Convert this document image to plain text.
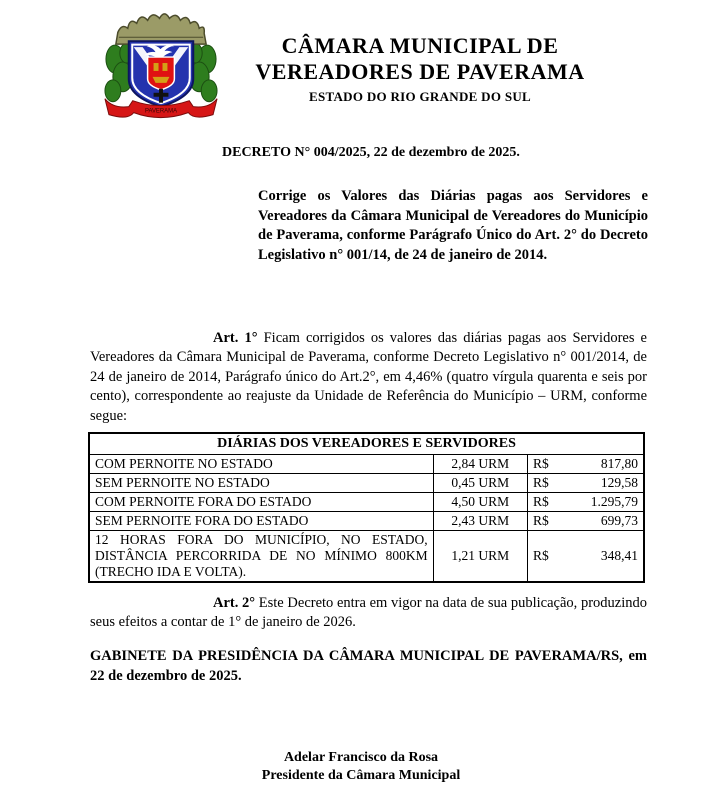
PAVERAMA
CÂMARA MUNICIPAL DE
VEREADORES DE PAVERAMA
ESTADO DO RIO GRANDE DO SUL
DECRETO N° 004/2025, 22 de dezembro de 2025.
Corrige os Valores das Diárias pagas aos Servidores e Vereadores da Câmara Municipal de Vereadores do Município de Paverama, conforme Parágrafo Único do Art. 2° do Decreto Legislativo n° 001/14, de 24 de janeiro de 2014.

Art. 1° Ficam corrigidos os valores das diárias pagas aos Servidores e Vereadores da Câmara Municipal de Paverama, conforme Decreto Legislativo n° 001/2014, de 24 de janeiro de 2014, Parágrafo único do Art.2°, em 4,46% (quatro vírgula quarenta e seis por cento), correspondente ao reajuste da Unidade de Referência do Município – URM, conforme segue:

DIÁRIAS DOS VEREADORES E SERVIDORES		
COM PERNOITE NO ESTADO	2,84 URM	R$ 817,80

SEM PERNOITE NO ESTADO	0,45 URM	R$ 129,58

COM PERNOITE FORA DO ESTADO	4,50 URM	R$ 1.295,79

SEM PERNOITE FORA DO ESTADO	2,43 URM	R$ 699,73

12 HORAS FORA DO MUNICÍPIO, NO ESTADO, DISTÂNCIA PERCORRIDA DE NO MÍNIMO 800KM (TRECHO IDA E VOLTA).	1,21 URM	R$ 348,41

Art. 2° Este Decreto entra em vigor na data de sua publicação, produzindo seus efeitos a contar de 1° de janeiro de 2026.

GABINETE DA PRESIDÊNCIA DA CÂMARA MUNICIPAL DE PAVERAMA/RS, em 22 de dezembro de 2025.
Adelar Francisco da Rosa
Presidente da Câmara Municipal
